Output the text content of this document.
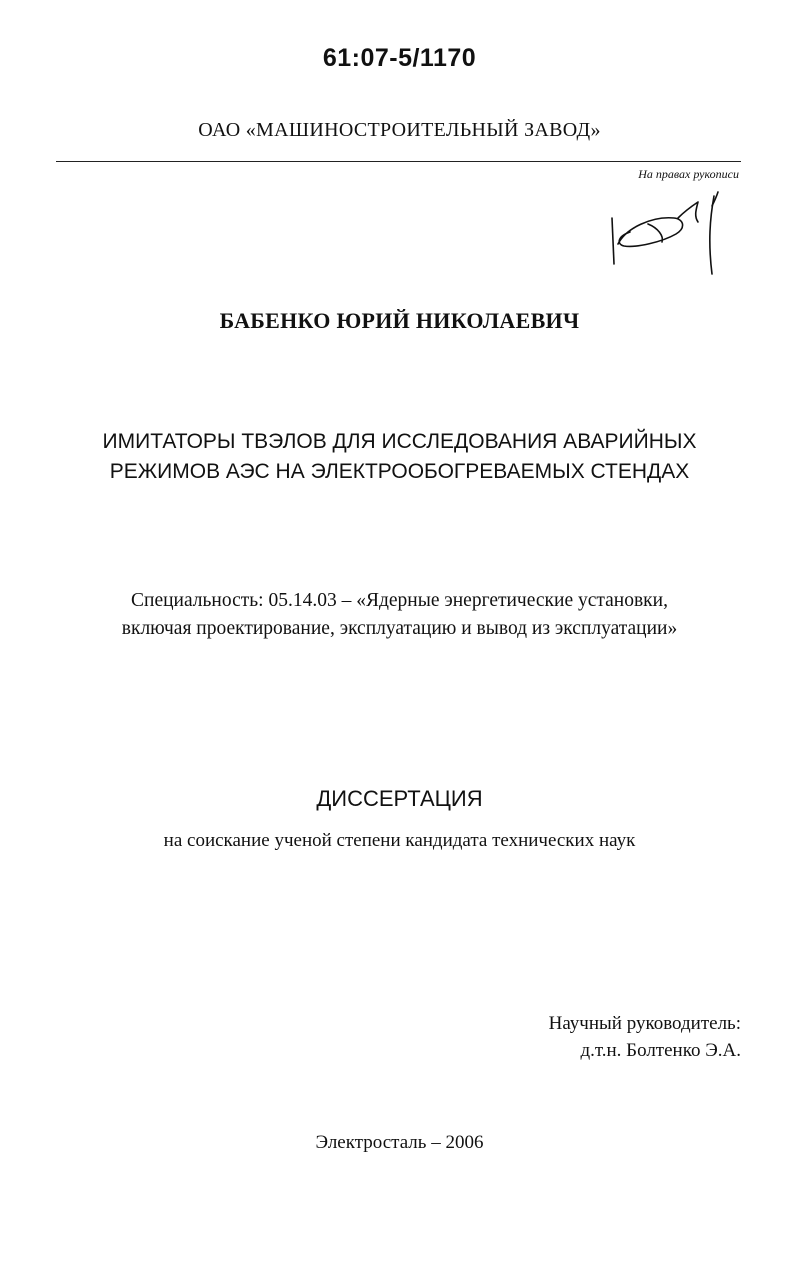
61:07-5/1170
ОАО «МАШИНОСТРОИТЕЛЬНЫЙ ЗАВОД»
На правах рукописи
БАБЕНКО ЮРИЙ НИКОЛАЕВИЧ
ИМИТАТОРЫ ТВЭЛОВ ДЛЯ ИССЛЕДОВАНИЯ АВАРИЙНЫХ
РЕЖИМОВ АЭС НА ЭЛЕКТРООБОГРЕВАЕМЫХ СТЕНДАХ
Специальность: 05.14.03 – «Ядерные энергетические установки,
включая проектирование, эксплуатацию и вывод из эксплуатации»
ДИССЕРТАЦИЯ
на соискание ученой степени кандидата технических наук
Научный руководитель:
д.т.н. Болтенко Э.А.
Электросталь – 2006
